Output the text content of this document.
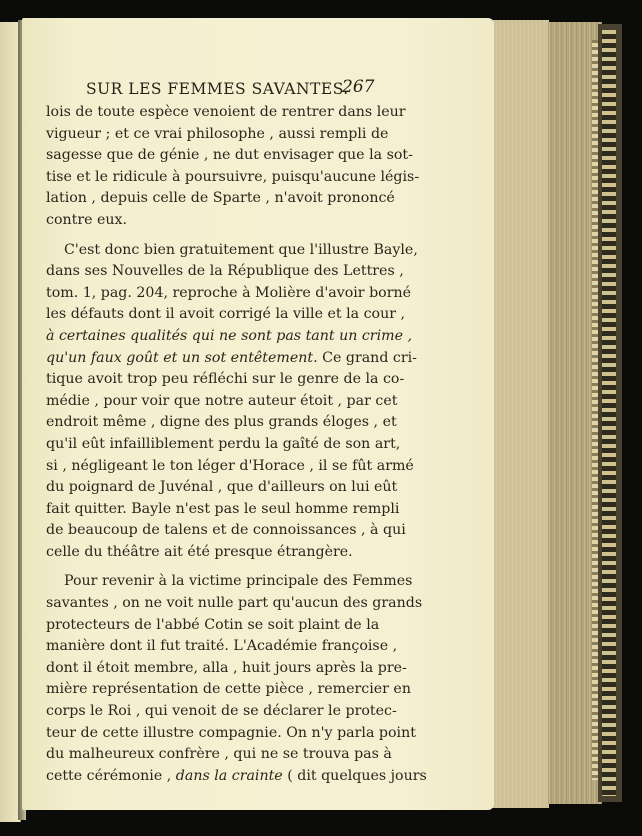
SUR LES FEMMES SAVANTES.
267
lois de toute espèce venoient de rentrer dans leur
vigueur ; et ce vrai philosophe , aussi rempli de
sagesse que de génie , ne dut envisager que la sot-
tise et le ridicule à poursuivre, puisqu'aucune légis-
lation , depuis celle de Sparte , n'avoit prononcé
contre eux.
C'est donc bien gratuitement que l'illustre Bayle,
dans ses Nouvelles de la République des Lettres ,
tom. 1, pag. 204, reproche à Molière d'avoir borné
les défauts dont il avoit corrigé la ville et la cour ,
à certaines qualités qui ne sont pas tant un crime ,
qu'un faux goût et un sot entêtement. Ce grand cri-
tique avoit trop peu réfléchi sur le genre de la co-
médie , pour voir que notre auteur étoit , par cet
endroit même , digne des plus grands éloges , et
qu'il eût infailliblement perdu la gaîté de son art,
si , négligeant le ton léger d'Horace , il se fût armé
du poignard de Juvénal , que d'ailleurs on lui eût
fait quitter. Bayle n'est pas le seul homme rempli
de beaucoup de talens et de connoissances , à qui
celle du théâtre ait été presque étrangère.
Pour revenir à la victime principale des Femmes
savantes , on ne voit nulle part qu'aucun des grands
protecteurs de l'abbé Cotin se soit plaint de la
manière dont il fut traité. L'Académie françoise ,
dont il étoit membre, alla , huit jours après la pre-
mière représentation de cette pièce , remercier en
corps le Roi , qui venoit de se déclarer le protec-
teur de cette illustre compagnie. On n'y parla point
du malheureux confrère , qui ne se trouva pas à
cette cérémonie , dans la crainte ( dit quelques jours
